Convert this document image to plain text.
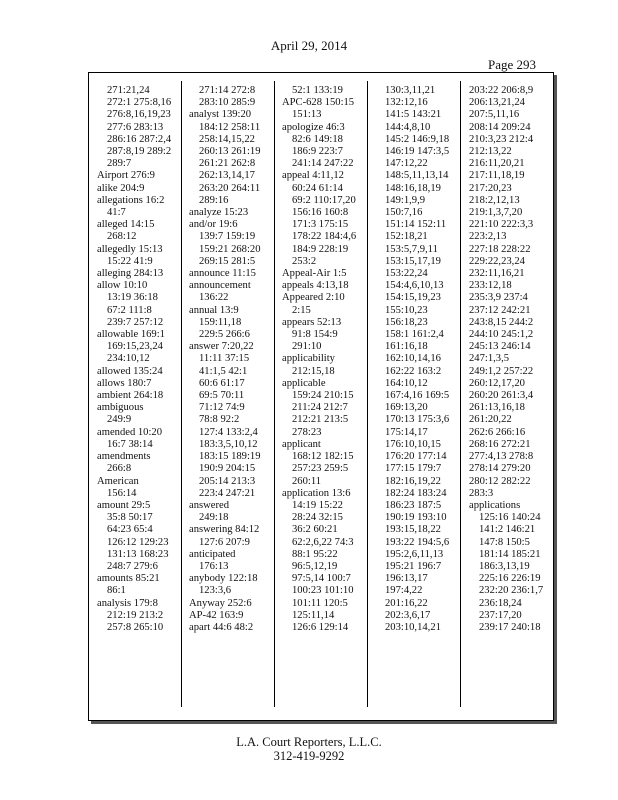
April 29, 2014
Page 293
271:21,24
272:1 275:8,16
276:8,16,19,23
277:6 283:13
286:16 287:2,4
287:8,19 289:2
289:7
Airport 276:9
alike 204:9
allegations 16:2
41:7
alleged 14:15
268:12
allegedly 15:13
15:22 41:9
alleging 284:13
allow 10:10
13:19 36:18
67:2 111:8
239:7 257:12
allowable 169:1
169:15,23,24
234:10,12
allowed 135:24
allows 180:7
ambient 264:18
ambiguous
249:9
amended 10:20
16:7 38:14
amendments
266:8
American
156:14
amount 29:5
35:8 50:17
64:23 65:4
126:12 129:23
131:13 168:23
248:7 279:6
amounts 85:21
86:1
analysis 179:8
212:19 213:2
257:8 265:10
271:14 272:8
283:10 285:9
analyst 139:20
184:12 258:11
258:14,15,22
260:13 261:19
261:21 262:8
262:13,14,17
263:20 264:11
289:16
analyze 15:23
and/or 19:6
139:7 159:19
159:21 268:20
269:15 281:5
announce 11:15
announcement
136:22
annual 13:9
159:11,18
229:5 266:6
answer 7:20,22
11:11 37:15
41:1,5 42:1
60:6 61:17
69:5 70:11
71:12 74:9
78:8 92:2
127:4 133:2,4
183:3,5,10,12
183:15 189:19
190:9 204:15
205:14 213:3
223:4 247:21
answered
249:18
answering 84:12
127:6 207:9
anticipated
176:13
anybody 122:18
123:3,6
Anyway 252:6
AP-42 163:9
apart 44:6 48:2
52:1 133:19
APC-628 150:15
151:13
apologize 46:3
82:6 149:18
186:9 223:7
241:14 247:22
appeal 4:11,12
60:24 61:14
69:2 110:17,20
156:16 160:8
171:3 175:15
178:22 184:4,6
184:9 228:19
253:2
Appeal-Air 1:5
appeals 4:13,18
Appeared 2:10
2:15
appears 52:13
91:8 154:9
291:10
applicability
212:15,18
applicable
159:24 210:15
211:24 212:7
212:21 213:5
278:23
applicant
168:12 182:15
257:23 259:5
260:11
application 13:6
14:19 15:22
28:24 32:15
36:2 60:21
62:2,6,22 74:3
88:1 95:22
96:5,12,19
97:5,14 100:7
100:23 101:10
101:11 120:5
125:11,14
126:6 129:14
130:3,11,21
132:12,16
141:5 143:21
144:4,8,10
145:2 146:9,18
146:19 147:3,5
147:12,22
148:5,11,13,14
148:16,18,19
149:1,9,9
150:7,16
151:14 152:11
152:18,21
153:5,7,9,11
153:15,17,19
153:22,24
154:4,6,10,13
154:15,19,23
155:10,23
156:18,23
158:1 161:2,4
161:16,18
162:10,14,16
162:22 163:2
164:10,12
167:4,16 169:5
169:13,20
170:13 175:3,6
175:14,17
176:10,10,15
176:20 177:14
177:15 179:7
182:16,19,22
182:24 183:24
186:23 187:5
190:19 193:10
193:15,18,22
193:22 194:5,6
195:2,6,11,13
195:21 196:7
196:13,17
197:4,22
201:16,22
202:3,6,17
203:10,14,21
203:22 206:8,9
206:13,21,24
207:5,11,16
208:14 209:24
210:3,23 212:4
212:13,22
216:11,20,21
217:11,18,19
217:20,23
218:2,12,13
219:1,3,7,20
221:10 222:3,3
223:2,13
227:18 228:22
229:22,23,24
232:11,16,21
233:12,18
235:3,9 237:4
237:12 242:21
243:8,15 244:2
244:10 245:1,2
245:13 246:14
247:1,3,5
249:1,2 257:22
260:12,17,20
260:20 261:3,4
261:13,16,18
261:20,22
262:6 266:16
268:16 272:21
277:4,13 278:8
278:14 279:20
280:12 282:22
283:3
applications
125:16 140:24
141:2 146:21
147:8 150:5
181:14 185:21
186:3,13,19
225:16 226:19
232:20 236:1,7
236:18,24
237:17,20
239:17 240:18
L.A. Court Reporters, L.L.C.
312-419-9292
